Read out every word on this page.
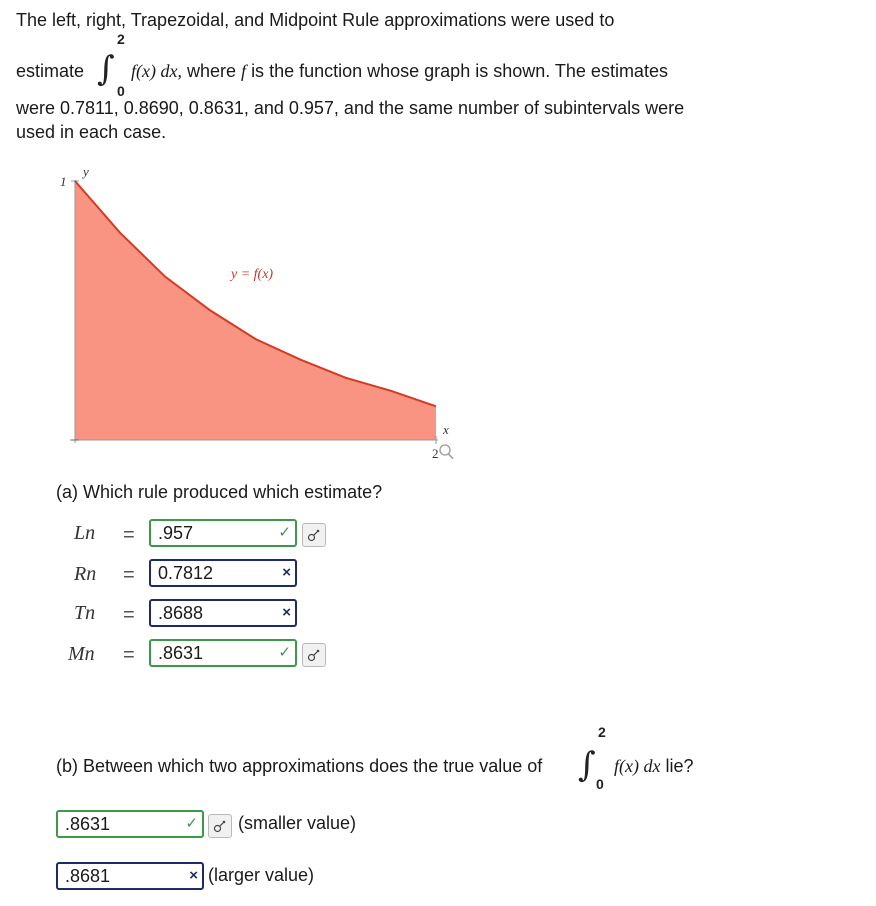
The left, right, Trapezoidal, and Midpoint Rule approximations were used to
2
estimate ∫
0
f(x) dx, where f is the function whose graph is shown. The estimates
were 0.7811, 0.8690, 0.8631, and 0.957, and the same number of subintervals were
used in each case.
y
1
y = f(x)
x
2
(a) Which rule produced which estimate?
Ln = .957	✓
Rn = 0.7812	×
Tn = .8688	×
Mn = .8631	✓
(b) Between which two approximations does the true value of
2
∫ 0
f(x) dx lie?
.8631	✓ (smaller value)
.8681	× (larger value)
